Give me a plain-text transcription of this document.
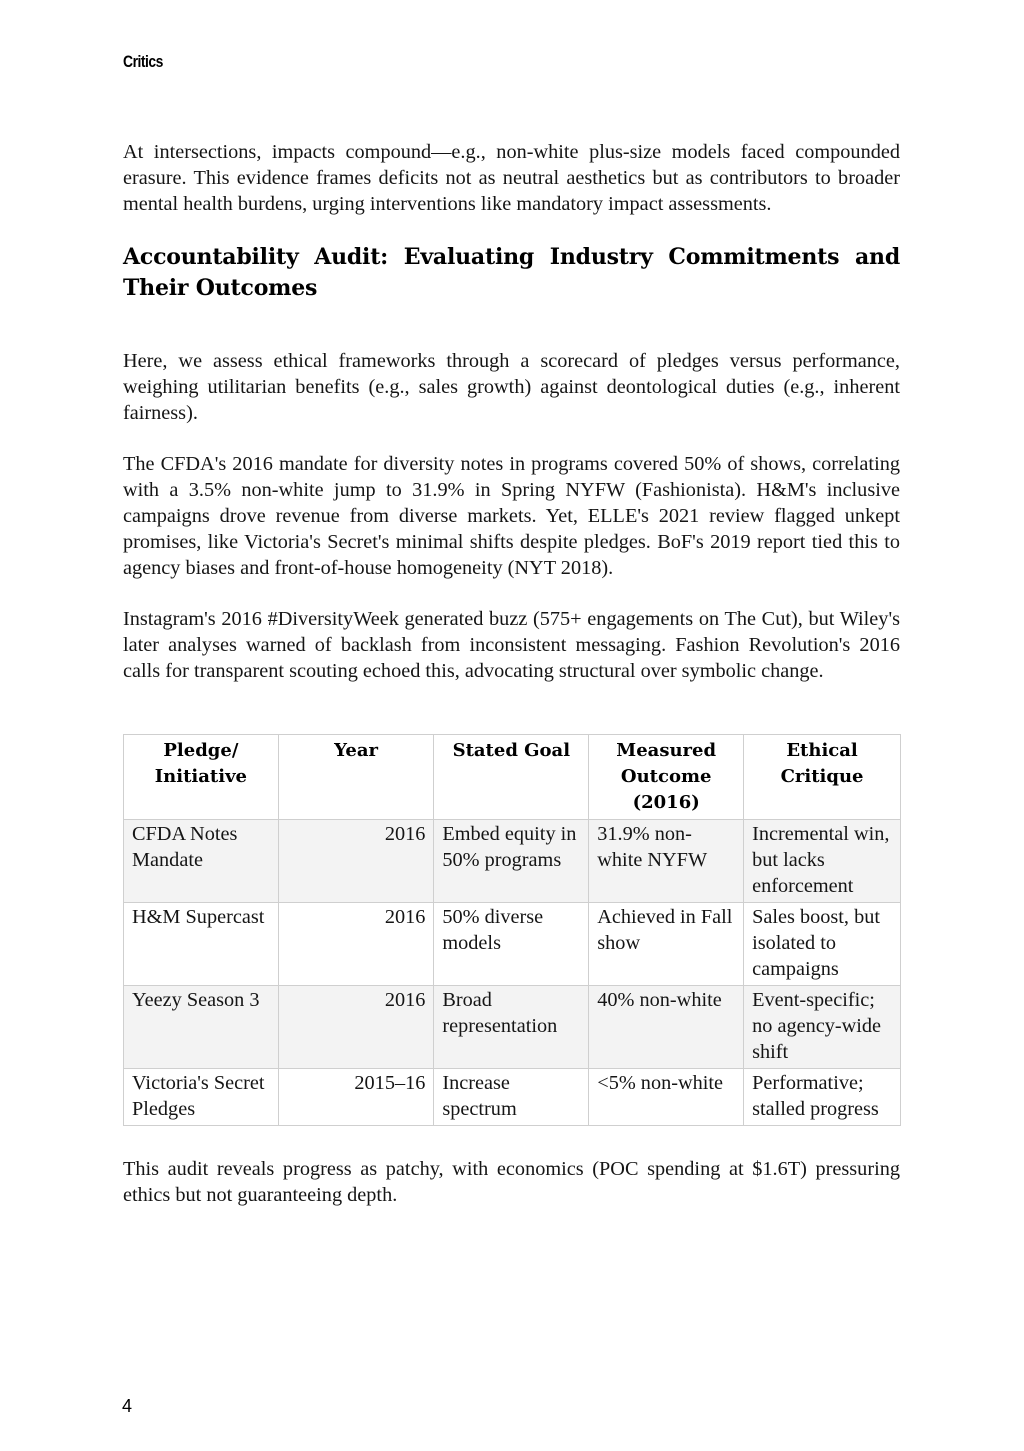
Critics

At intersections, impacts compound—e.g., non-white plus-size models faced compounded erasure. This evidence frames deficits not as neutral aesthetics but as contributors to broader mental health burdens, urging interventions like mandatory impact assessments.

Accountability Audit: Evaluating Industry Commitments and Their Outcomes

Here, we assess ethical frameworks through a scorecard of pledges versus performance, weighing utilitarian benefits (e.g., sales growth) against deontological duties (e.g., inherent fairness).

The CFDA's 2016 mandate for diversity notes in programs covered 50% of shows, correlating with a 3.5% non-white jump to 31.9% in Spring NYFW (Fashionista). H&M's inclusive campaigns drove revenue from diverse markets. Yet, ELLE's 2021 review flagged unkept promises, like Victoria's Secret's minimal shifts despite pledges. BoF's 2019 report tied this to agency biases and front-of-house homogeneity (NYT 2018).

Instagram's 2016 #DiversityWeek generated buzz (575+ engagements on The Cut), but Wiley's later analyses warned of backlash from inconsistent messaging. Fashion Revolution's 2016 calls for transparent scouting echoed this, advocating structural over symbolic change.

Pledge/ Initiative	Year	Stated Goal	Measured Outcome (2016)	Ethical Critique
CFDA Notes Mandate	2016	Embed equity in 50% programs	31.9% non-white NYFW	Incremental win, but lacks enforcement
H&M Supercast	2016	50% diverse models	Achieved in Fall show	Sales boost, but isolated to campaigns
Yeezy Season 3	2016	Broad representation	40% non-white	Event-specific; no agency-wide shift
Victoria's Secret Pledges	2015–16	Increase spectrum	<5% non-white	Performative; stalled progress

This audit reveals progress as patchy, with economics (POC spending at $1.6T) pressuring ethics but not guaranteeing depth.

4
